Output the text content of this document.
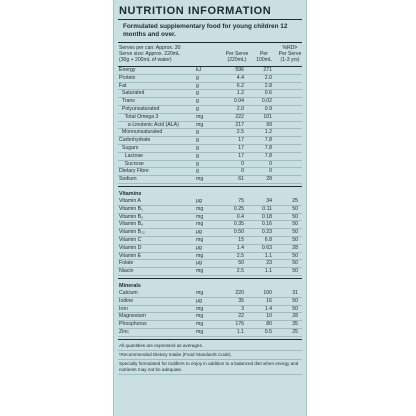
NUTRITION INFORMATION
Formulated supplementary food for young children 12 months and over.
Serves per can: Approx. 30
Serve size: Approx. 220mL
(30g + 200mL of water)
Per Serve
(220mL)
Per
100mL
%RDI¹
Per Serve
(1-3 yrs)
Energy	kJ	596	271
Protein	g	4.4	2.0
Fat	g	6.2	2.8
Saturated	g	1.2	0.6
Trans	g	0.04	0.02
Polyunsaturated	g	2.0	0.9
Total Omega 3	mg	222	101
α-Linolenic Acid (ALA)	mg	217	99
Monounsaturated	g	2.5	1.2
Carbohydrate	g	17	7.8
Sugars	g	17	7.8
Lactose	g	17	7.8
Sucrose	g	0	0
Dietary Fibre	g	0	0
Sodium	mg	61	28
Vitamins
Vitamin A	μg	75	34	25
Vitamin B₁	mg	0.25	0.11	50
Vitamin B₂	mg	0.4	0.18	50
Vitamin B₆	mg	0.35	0.16	50
Vitamin B₁₂	μg	0.50	0.23	50
Vitamin C	mg	15	6.8	50
Vitamin D	μg	1.4	0.63	28
Vitamin E	mg	2.5	1.1	50
Folate	μg	50	23	50
Niacin	mg	2.5	1.1	50
Minerals
Calcium	mg	220	100	31
Iodine	μg	35	16	50
Iron	mg	3	1.4	50
Magnesium	mg	22	10	28
Phosphorus	mg	176	80	35
Zinc	mg	1.1	0.5	25

All quantities are expressed as averages.

¹Recommended Dietary Intake (Food Standards Code).

Specially formulated for toddlers to enjoy in addition to a balanced diet when energy and nutrients may not be adequate.
